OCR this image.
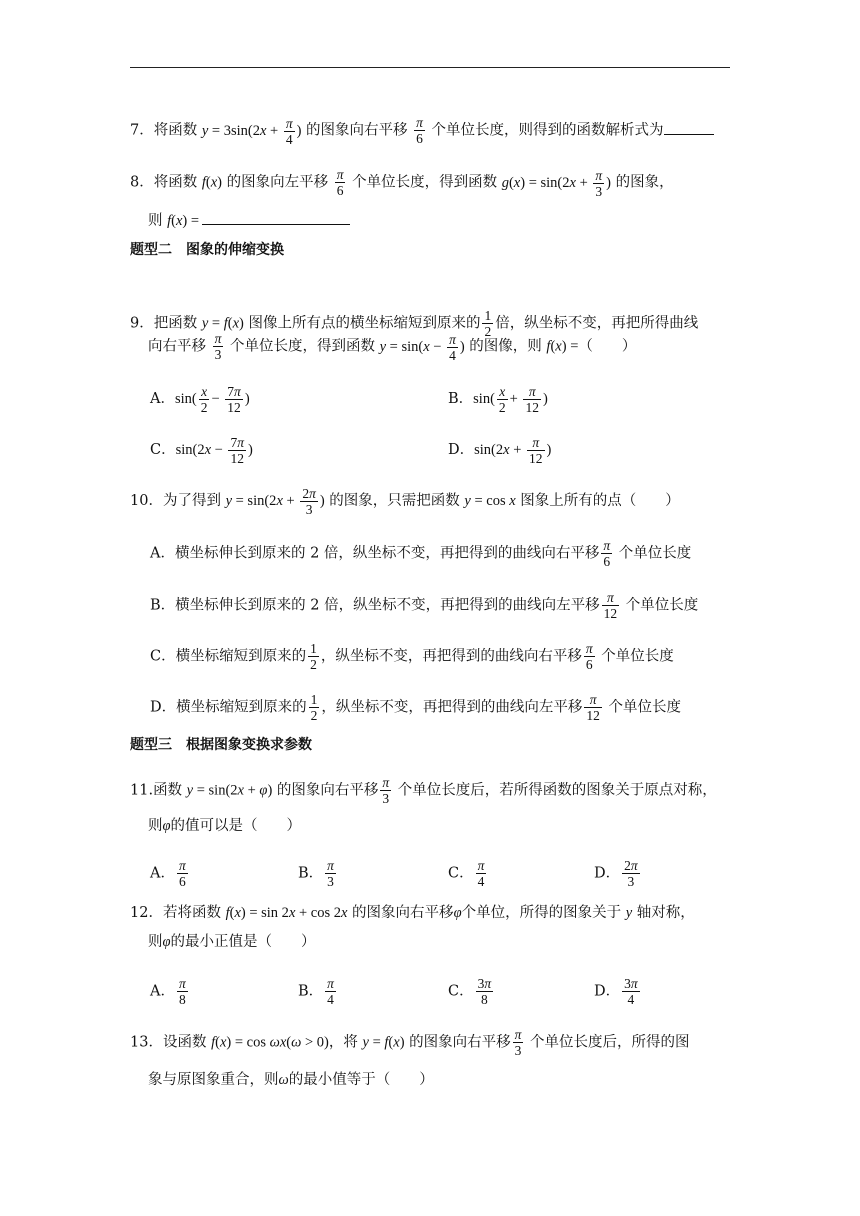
7．将函数 $y = 3\sin(2x + \frac{\pi}{4}$ ) 的图象向右平移 $\frac{\pi}{6}$ 个单位长度，则得到的函数解析式为
8．将函数 f(x) 的图象向左平移 $\frac{\pi}{6}$ 个单位长度，得到函数 $g(x) = \sin(2x + \frac{\pi}{3}$ ) 的图象，
则 f(x) =
题型二　图象的伸缩变换
9．把函数 y = f(x) 图像上所有点的横坐标缩短到原来的 $\frac{1}{2}$ 倍，纵坐标不变，再把所得曲线
向右平移 $\frac{\pi}{3}$ 个单位长度，得到函数 $y = \sin(x - \frac{\pi}{4}$ ) 的图像，则 f(x) =（　　）
A．$\sin( \frac{x}{2} - \frac{7\pi}{12}$ )	B．$\sin( \frac{x}{2} + \frac{\pi}{12}$ )
C．$\sin(2x - \frac{7\pi}{12}$ )	D．$\sin(2x + \frac{\pi}{12}$ )
10．为了得到 $y = \sin(2x + \frac{2\pi}{3}$ ) 的图象，只需把函数 y = cos x 图象上所有的点（　　）
A．横坐标伸长到原来的 2 倍，纵坐标不变，再把得到的曲线向右平移 $\frac{\pi}{6}$ 个单位长度
B．横坐标伸长到原来的 2 倍，纵坐标不变，再把得到的曲线向左平移 $\frac{\pi}{12}$ 个单位长度
C．横坐标缩短到原来的 $\frac{1}{2}$ ，纵坐标不变，再把得到的曲线向右平移 $\frac{\pi}{6}$ 个单位长度
D．横坐标缩短到原来的 $\frac{1}{2}$ ，纵坐标不变，再把得到的曲线向左平移 $\frac{\pi}{12}$ 个单位长度
题型三　根据图象变换求参数
11.函数 y = sin(2x + φ) 的图象向右平移 $\frac{\pi}{3}$ 个单位长度后，若所得函数的图象关于原点对称，
则φ的值可以是（　　）
A． $\frac{\pi}{6}$	B． $\frac{\pi}{3}$	C． $\frac{\pi}{4}$	D． $\frac{2\pi}{3}$
12．若将函数 f(x) = sin 2x + cos 2x 的图象向右平移φ个单位，所得的图象关于 y 轴对称，
则φ的最小正值是（　　）
A． $\frac{\pi}{8}$	B． $\frac{\pi}{4}$	C． $\frac{3\pi}{8}$	D． $\frac{3\pi}{4}$
13．设函数 f(x) = cos ωx(ω > 0)，将 y = f(x) 的图象向右平移 $\frac{\pi}{3}$ 个单位长度后，所得的图
象与原图象重合，则ω的最小值等于（　　）
